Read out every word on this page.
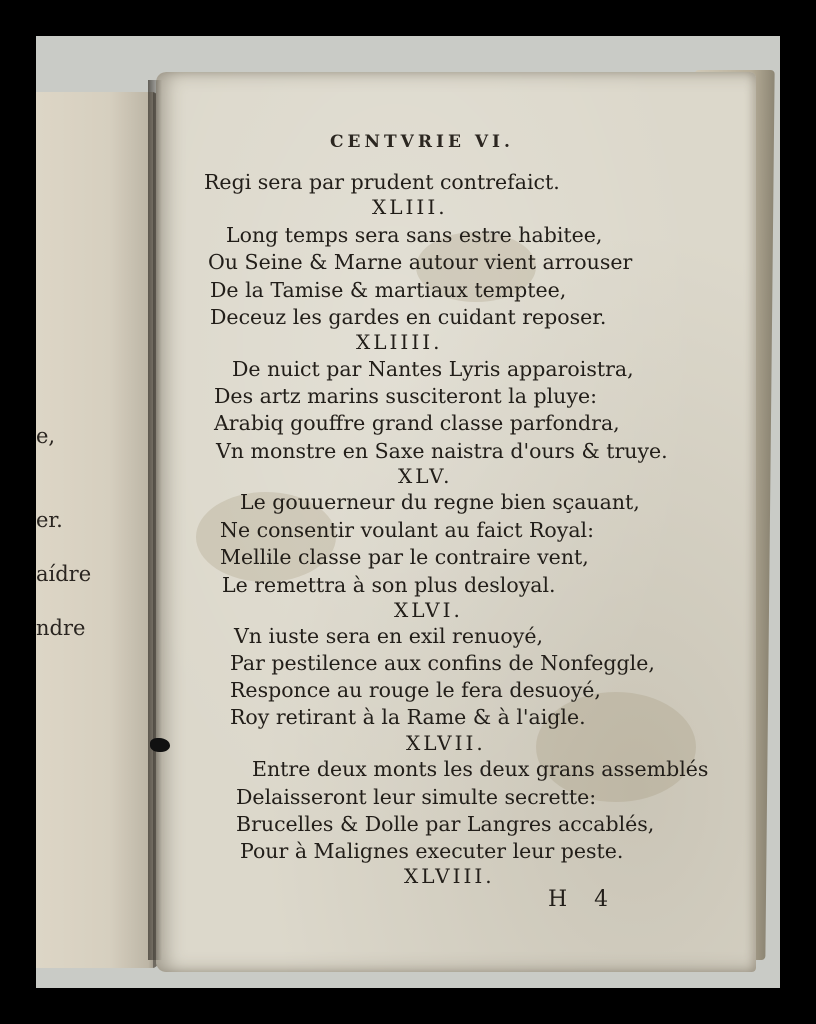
e,
er.
aídre
ndre
CENTVRIE VI.
Regi sera par prudent contrefaict.
XLIII.
Long temps sera sans estre habitee,
Ou Seine & Marne autour vient arrouser
De la Tamise & martiaux temptee,
Deceuz les gardes en cuidant reposer.
XLIIII.
De nuict par Nantes Lyris apparoistra,
Des artz marins susciteront la pluye:
Arabiq gouffre grand classe parfondra,
Vn monstre en Saxe naistra d'ours & truye.
XLV.
Le gouuerneur du regne bien sçauant,
Ne consentir voulant au faict Royal:
Mellile classe par le contraire vent,
Le remettra à son plus desloyal.
XLVI.
Vn iuste sera en exil renuoyé,
Par pestilence aux confins de Nonfeggle,
Responce au rouge le fera desuoyé,
Roy retirant à la Rame & à l'aigle.
XLVII.
Entre deux monts les deux grans assemblés
Delaisseront leur simulte secrette:
Brucelles & Dolle par Langres accablés,
Pour à Malignes executer leur peste.
XLVIII.
H 4
